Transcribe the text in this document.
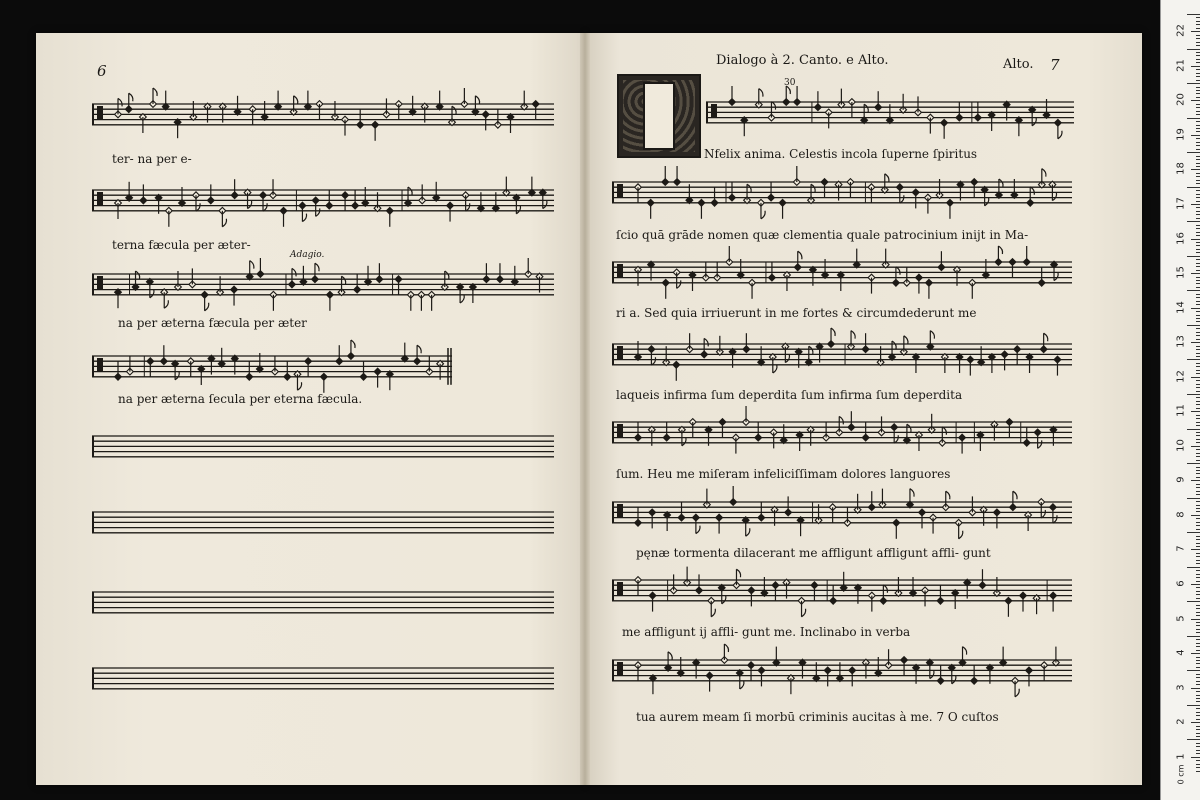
6
ter- na per e-
terna fæcula per æter-
Adagio.
na per æterna fæcula per æter
na per æterna ſecula per eterna fæcula.
Dialogo à 2. Canto. e Alto.	Alto. 7
30
Nfelix anima. Celestis incola ſuperne ſpiritus
ſcio quā grāde nomen quæ clementia quale patrocinium inijt in Ma-
ri a. Sed quia irriuerunt in me fortes & circumdederunt me
laqueis infirma ſum deperdita ſum infirma ſum deperdita
ſum. Heu me miſeram infeliciſſimam dolores languores
pęnæ tormenta dilacerant me affligunt affligunt affli- gunt
me affligunt ij affli- gunt me. Inclinabo in verba
tua aurem meam ſi morbū criminis aucitas à me. 7 O cuſtos
22
21
20
19
18
17
16
15
14
13
12
11
10
9
8
7
6
5
4
3
2
1
0 cm
